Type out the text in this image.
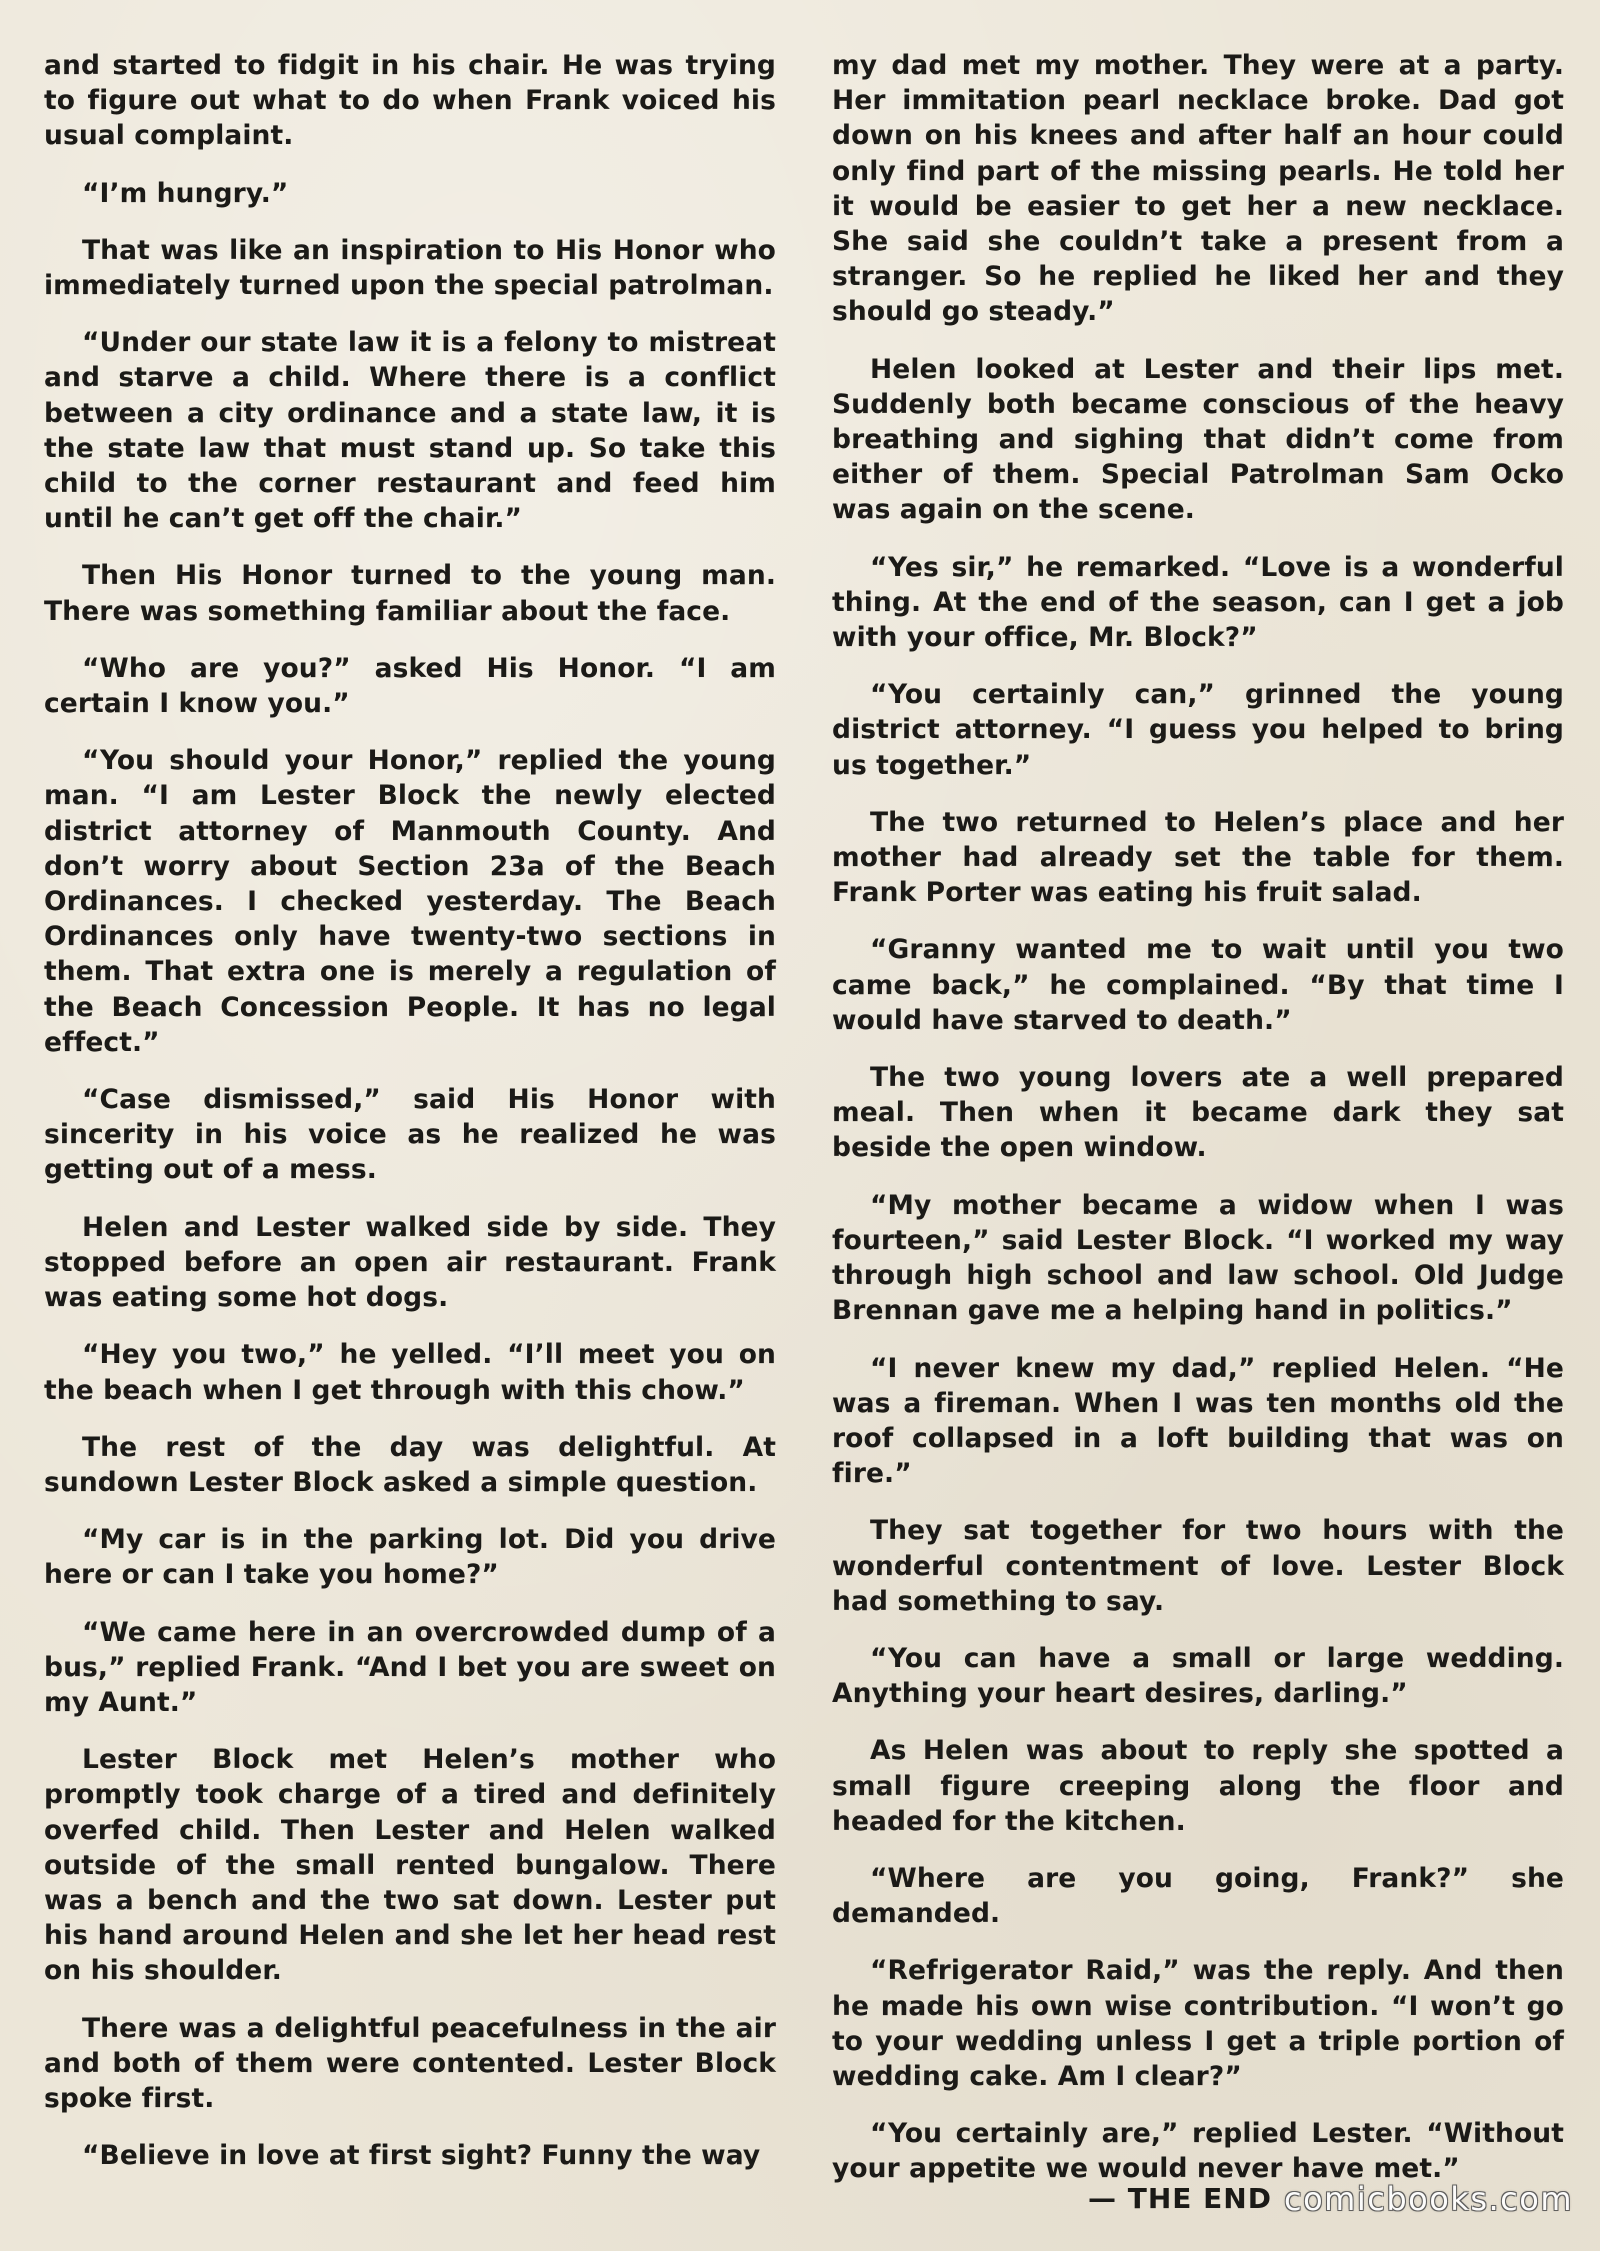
and started to fidgit in his chair. He was trying to figure out what to do when Frank voiced his usual complaint.

“I’m hungry.”

That was like an inspiration to His Honor who immediately turned upon the special patrolman.

“Under our state law it is a felony to mistreat and starve a child. Where there is a conflict between a city ordinance and a state law, it is the state law that must stand up. So take this child to the corner restaurant and feed him until he can’t get off the chair.”

Then His Honor turned to the young man. There was something familiar about the face.

“Who are you?” asked His Honor. “I am certain I know you.”

“You should your Honor,” replied the young man. “I am Lester Block the newly elected district attorney of Manmouth County. And don’t worry about Section 23a of the Beach Ordinances. I checked yesterday. The Beach Ordinances only have twenty-two sections in them. That extra one is merely a regulation of the Beach Concession People. It has no legal effect.”

“Case dismissed,” said His Honor with sincerity in his voice as he realized he was getting out of a mess.

Helen and Lester walked side by side. They stopped before an open air restaurant. Frank was eating some hot dogs.

“Hey you two,” he yelled. “I’ll meet you on the beach when I get through with this chow.”

The rest of the day was delightful. At sundown Lester Block asked a simple question.

“My car is in the parking lot. Did you drive here or can I take you home?”

“We came here in an overcrowded dump of a bus,” replied Frank. “And I bet you are sweet on my Aunt.”

Lester Block met Helen’s mother who promptly took charge of a tired and definitely overfed child. Then Lester and Helen walked outside of the small rented bungalow. There was a bench and the two sat down. Lester put his hand around Helen and she let her head rest on his shoulder.

There was a delightful peacefulness in the air and both of them were contented. Lester Block spoke first.

“Believe in love at first sight? Funny the way

my dad met my mother. They were at a party. Her immitation pearl necklace broke. Dad got down on his knees and after half an hour could only find part of the missing pearls. He told her it would be easier to get her a new necklace. She said she couldn’t take a present from a stranger. So he replied he liked her and they should go steady.”

Helen looked at Lester and their lips met. Suddenly both became conscious of the heavy breathing and sighing that didn’t come from either of them. Special Patrolman Sam Ocko was again on the scene.

“Yes sir,” he remarked. “Love is a wonderful thing. At the end of the season, can I get a job with your office, Mr. Block?”

“You certainly can,” grinned the young district attorney. “I guess you helped to bring us together.”

The two returned to Helen’s place and her mother had already set the table for them. Frank Porter was eating his fruit salad.

“Granny wanted me to wait until you two came back,” he complained. “By that time I would have starved to death.”

The two young lovers ate a well prepared meal. Then when it became dark they sat beside the open window.

“My mother became a widow when I was fourteen,” said Lester Block. “I worked my way through high school and law school. Old Judge Brennan gave me a helping hand in politics.”

“I never knew my dad,” replied Helen. “He was a fireman. When I was ten months old the roof collapsed in a loft building that was on fire.”

They sat together for two hours with the wonderful contentment of love. Lester Block had something to say.

“You can have a small or large wedding. Anything your heart desires, darling.”

As Helen was about to reply she spotted a small figure creeping along the floor and headed for the kitchen.

“Where are you going, Frank?” she demanded.

“Refrigerator Raid,” was the reply. And then he made his own wise contribution. “I won’t go to your wedding unless I get a triple portion of wedding cake. Am I clear?”

“You certainly are,” replied Lester. “Without your appetite we would never have met.”

— THE END comicbooks.com
